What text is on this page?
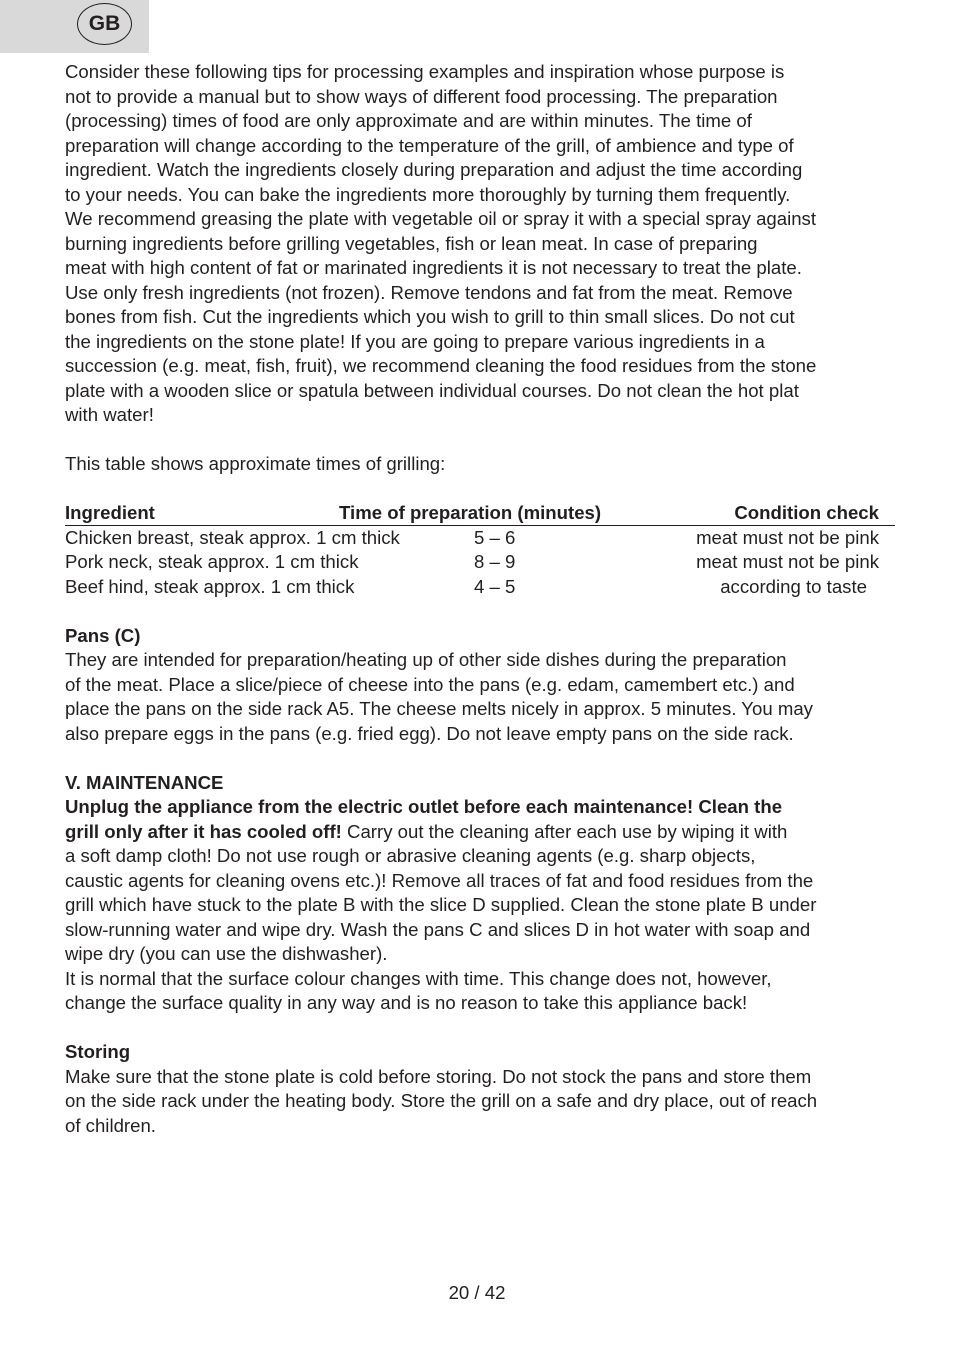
GB

Consider these following tips for processing examples and inspiration whose purpose is

not to provide a manual but to show ways of different food processing. The preparation

(processing) times of food are only approximate and are within minutes. The time of

preparation will change according to the temperature of the grill, of ambience and type of

ingredient. Watch the ingredients closely during preparation and adjust the time according

to your needs. You can bake the ingredients more thoroughly by turning them frequently.

We recommend greasing the plate with vegetable oil or spray it with a special spray against

burning ingredients before grilling vegetables, fish or lean meat. In case of preparing

meat with high content of fat or marinated ingredients it is not necessary to treat the plate.

Use only fresh ingredients (not frozen). Remove tendons and fat from the meat. Remove

bones from fish. Cut the ingredients which you wish to grill to thin small slices. Do not cut

the ingredients on the stone plate! If you are going to prepare various ingredients in a

succession (e.g. meat, fish, fruit), we recommend cleaning the food residues from the stone

plate with a wooden slice or spatula between individual courses. Do not clean the hot plat

with water!

This table shows approximate times of grilling:

Ingredient	Time of preparation (minutes)	Condition check
Chicken breast, steak approx. 1 cm thick	5 – 6	meat must not be pink
Pork neck, steak approx. 1 cm thick	8 – 9	meat must not be pink
Beef hind, steak approx. 1 cm thick	4 – 5	according to taste

Pans (C)

They are intended for preparation/heating up of other side dishes during the preparation

of the meat. Place a slice/piece of cheese into the pans (e.g. edam, camembert etc.) and

place the pans on the side rack A5. The cheese melts nicely in approx. 5 minutes. You may

also prepare eggs in the pans (e.g. fried egg). Do not leave empty pans on the side rack.

V. MAINTENANCE

Unplug the appliance from the electric outlet before each maintenance! Clean the

grill only after it has cooled off! Carry out the cleaning after each use by wiping it with

a soft damp cloth! Do not use rough or abrasive cleaning agents (e.g. sharp objects,

caustic agents for cleaning ovens etc.)! Remove all traces of fat and food residues from the

grill which have stuck to the plate B with the slice D supplied. Clean the stone plate B under

slow-running water and wipe dry. Wash the pans C and slices D in hot water with soap and

wipe dry (you can use the dishwasher).

It is normal that the surface colour changes with time. This change does not, however,

change the surface quality in any way and is no reason to take this appliance back!

Storing

Make sure that the stone plate is cold before storing. Do not stock the pans and store them

on the side rack under the heating body. Store the grill on a safe and dry place, out of reach

of children.

20 / 42
